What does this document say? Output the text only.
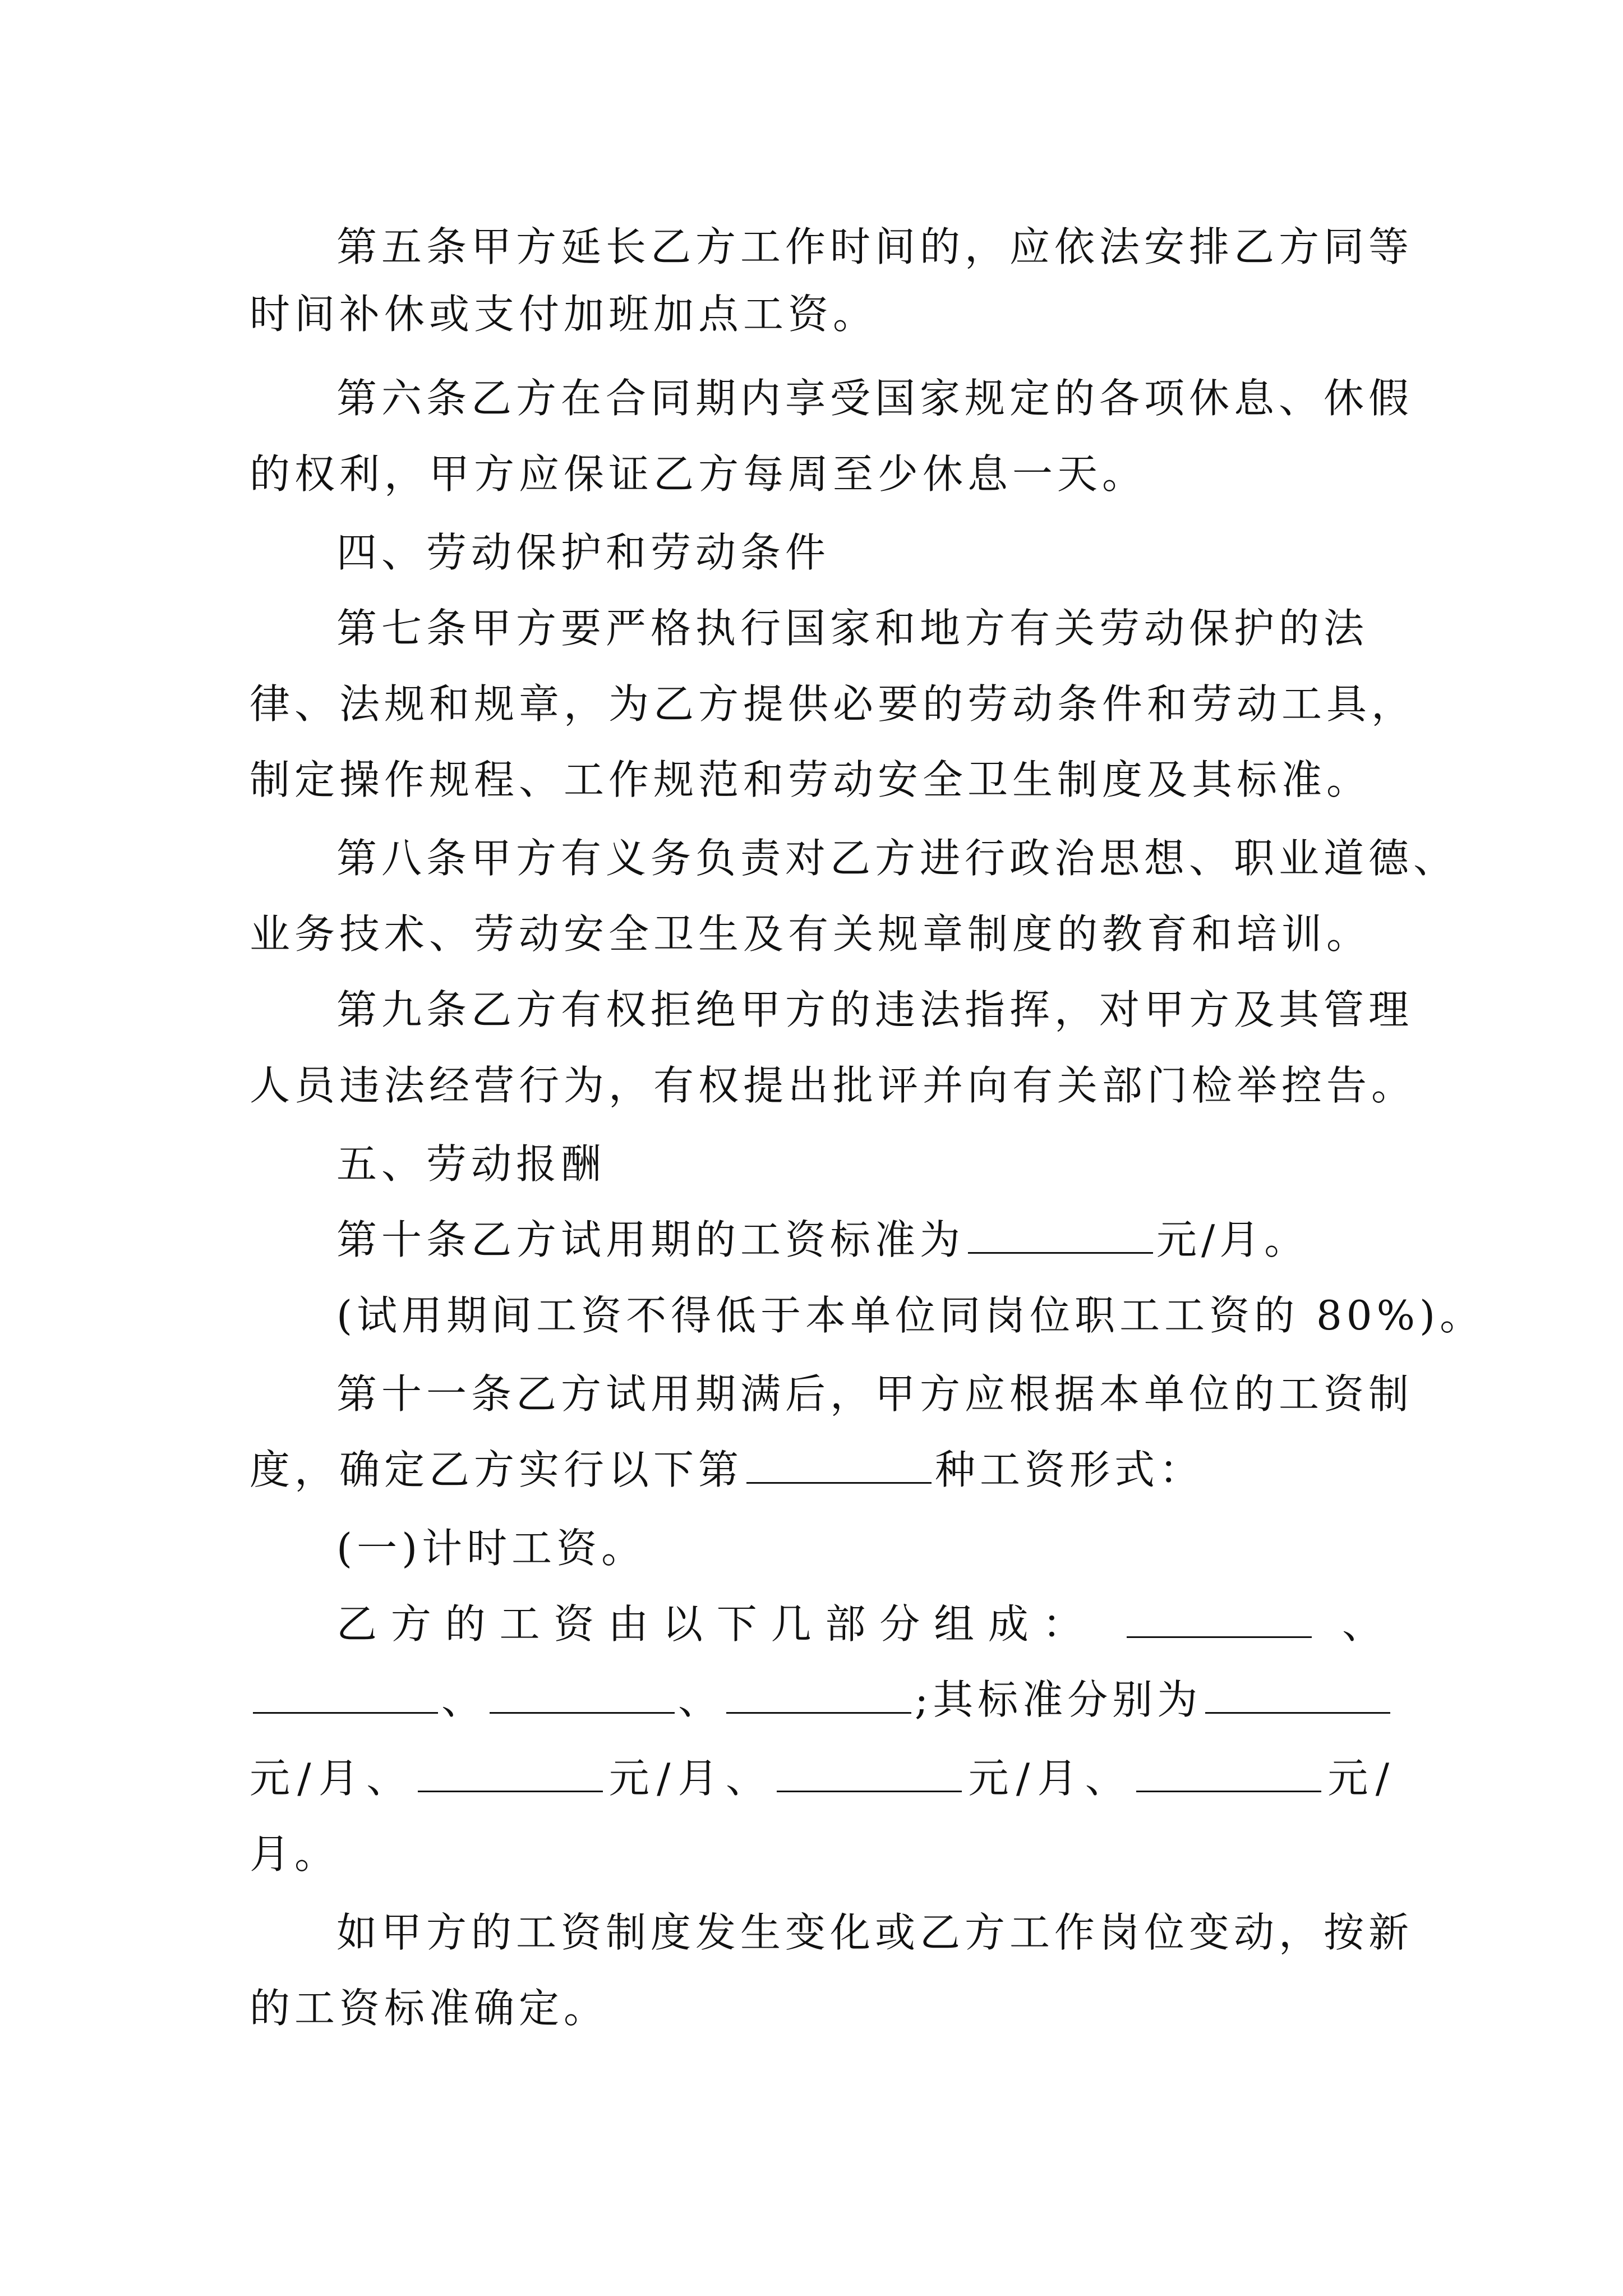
第五条甲方延长乙方工作时间的，应依法安排乙方同等
时间补休或支付加班加点工资。
第六条乙方在合同期内享受国家规定的各项休息、休假
的权利，甲方应保证乙方每周至少休息一天。
四、劳动保护和劳动条件
第七条甲方要严格执行国家和地方有关劳动保护的法
律、法规和规章，为乙方提供必要的劳动条件和劳动工具，
制定操作规程、工作规范和劳动安全卫生制度及其标准。
第八条甲方有义务负责对乙方进行政治思想、职业道德、
业务技术、劳动安全卫生及有关规章制度的教育和培训。
第九条乙方有权拒绝甲方的违法指挥，对甲方及其管理
人员违法经营行为，有权提出批评并向有关部门检举控告。
五、劳动报酬
第十条乙方试用期的工资标准为	元/月。
(试用期间工资不得低于本单位同岗位职工工资的 80%)。
第十一条乙方试用期满后，甲方应根据本单位的工资制
度，确定乙方实行以下第	种工资形式：
(一)计时工资。
乙方的工资由以下几部分组成：	、
、	、	;其标准分别为
元/月、	元/月、	元/月、	元/
月。
如甲方的工资制度发生变化或乙方工作岗位变动，按新
的工资标准确定。
